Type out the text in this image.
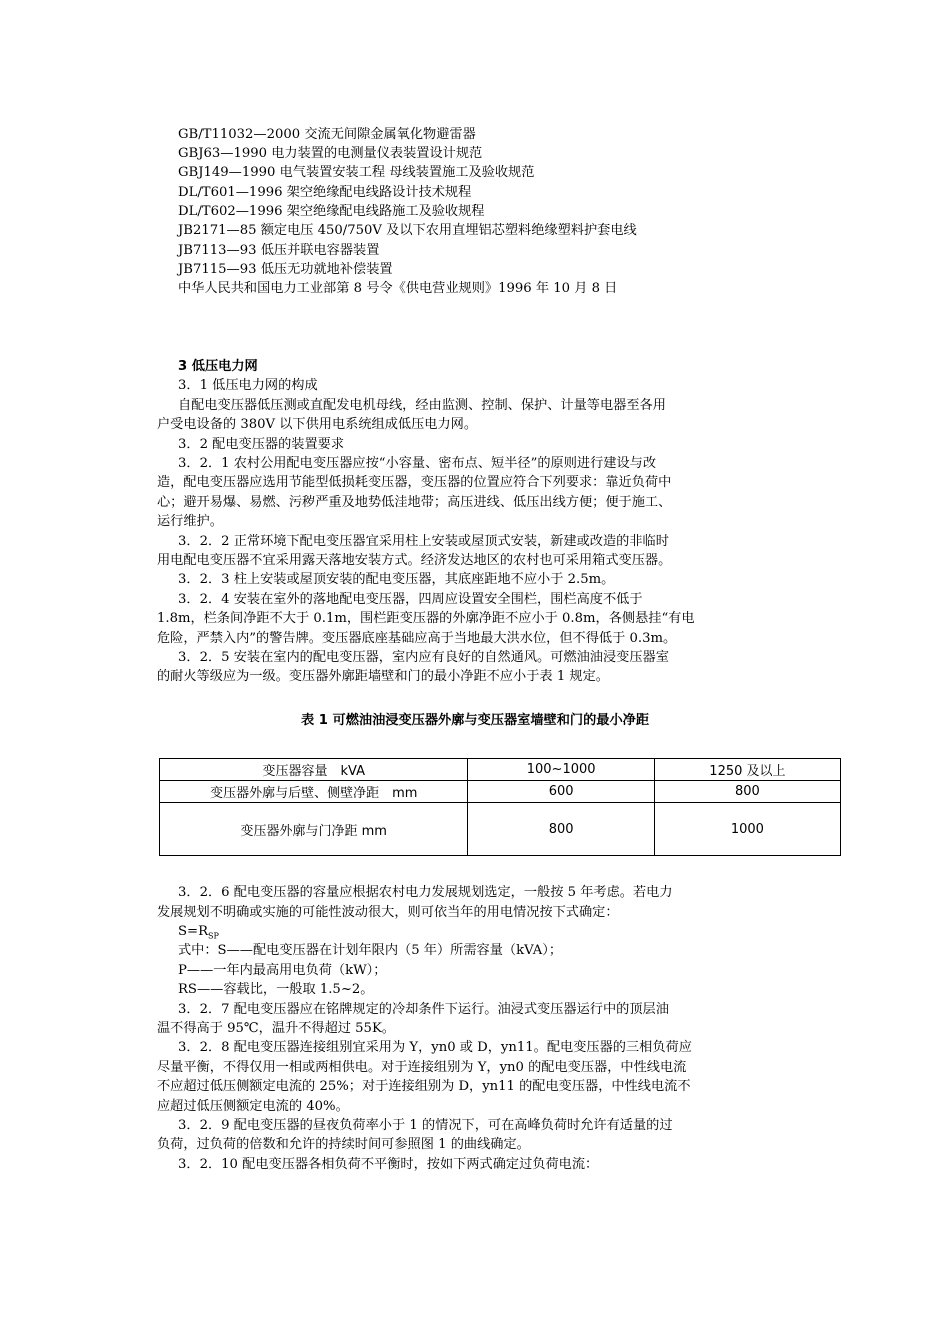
GB/T11032—2000 交流无间隙金属氧化物避雷器
GBJ63—1990 电力装置的电测量仪表装置设计规范
GBJ149—1990 电气装置安装工程 母线装置施工及验收规范
DL/T601—1996 架空绝缘配电线路设计技术规程
DL/T602—1996 架空绝缘配电线路施工及验收规程
JB2171—85 额定电压 450/750V 及以下农用直埋铝芯塑料绝缘塑料护套电线
JB7113—93 低压并联电容器装置
JB7115—93 低压无功就地补偿装置
中华人民共和国电力工业部第 8 号令《供电营业规则》1996 年 10 月 8 日
3 低压电力网
3．1 低压电力网的构成
自配电变压器低压测或直配发电机母线，经由监测、控制、保护、计量等电器至各用
户受电设备的 380V 以下供用电系统组成低压电力网。
3．2 配电变压器的装置要求
3．2．1 农村公用配电变压器应按“小容量、密布点、短半径”的原则进行建设与改
造，配电变压器应选用节能型低损耗变压器，变压器的位置应符合下列要求：靠近负荷中
心；避开易爆、易燃、污秽严重及地势低洼地带；高压进线、低压出线方便；便于施工、
运行维护。
3．2．2 正常环境下配电变压器宜采用柱上安装或屋顶式安装，新建或改造的非临时
用电配电变压器不宜采用露天落地安装方式。经济发达地区的农村也可采用箱式变压器。
3．2．3 柱上安装或屋顶安装的配电变压器，其底座距地不应小于 2.5m。
3．2．4 安装在室外的落地配电变压器，四周应设置安全围栏，围栏高度不低于
1.8m，栏条间净距不大于 0.1m，围栏距变压器的外廓净距不应小于 0.8m，各侧悬挂“有电
危险，严禁入内”的警告牌。变压器底座基础应高于当地最大洪水位，但不得低于 0.3m。
3．2．5 安装在室内的配电变压器，室内应有良好的自然通风。可燃油油浸变压器室
的耐火等级应为一级。变压器外廓距墙壁和门的最小净距不应小于表 1 规定。
表 1 可燃油油浸变压器外廓与变压器室墙壁和门的最小净距
变压器容量　kVA	100~1000	1250 及以上
变压器外廓与后壁、侧壁净距　mm	600	800
变压器外廓与门净距 mm	800	1000
3．2．6 配电变压器的容量应根据农村电力发展规划选定，一般按 5 年考虑。若电力
发展规划不明确或实施的可能性波动很大，则可依当年的用电情况按下式确定：
$S=R_{SP}$
式中：S——配电变压器在计划年限内（5 年）所需容量（kVA）；
P——一年内最高用电负荷（kW）；
RS——容载比，一般取 1.5~2。
3．2．7 配电变压器应在铭牌规定的冷却条件下运行。油浸式变压器运行中的顶层油
温不得高于 95℃，温升不得超过 55K。
3．2．8 配电变压器连接组别宜采用为 Y，yn0 或 D，yn11。配电变压器的三相负荷应
尽量平衡，不得仅用一相或两相供电。对于连接组别为 Y，yn0 的配电变压器，中性线电流
不应超过低压侧额定电流的 25%；对于连接组别为 D，yn11 的配电变压器，中性线电流不
应超过低压侧额定电流的 40%。
3．2．9 配电变压器的昼夜负荷率小于 1 的情况下，可在高峰负荷时允许有适量的过
负荷，过负荷的倍数和允许的持续时间可参照图 1 的曲线确定。
3．2．10 配电变压器各相负荷不平衡时，按如下两式确定过负荷电流：
